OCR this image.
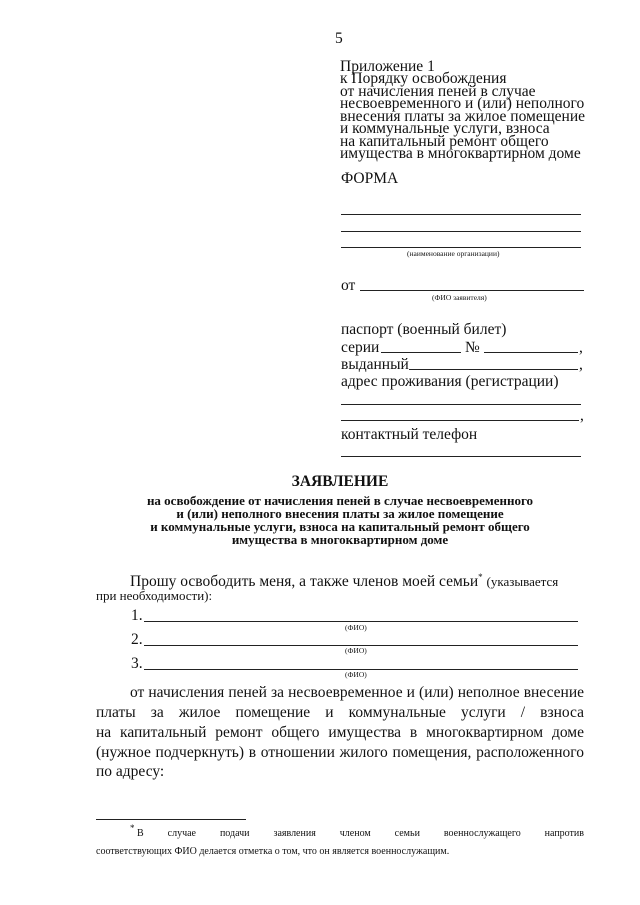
5
Приложение 1
к Порядку освобождения
от начисления пеней в случае
несвоевременного и (или) неполного
внесения платы за жилое помещение
и коммунальные услуги, взноса
на капитальный ремонт общего
имущества в многоквартирном доме
ФОРМА
(наименование организации)
от
(ФИО заявителя)
паспорт (военный билет)
серии	№	,
выданный	,
адрес проживания (регистрации)
,
контактный телефон
ЗАЯВЛЕНИЕ
на освобождение от начисления пеней в случае несвоевременного
и (или) неполного внесения платы за жилое помещение
и коммунальные услуги, взноса на капитальный ремонт общего
имущества в многоквартирном доме
Прошу освободить меня, а также членов моей семьи* (указывается
при необходимости):
1.
(ФИО)
2.
(ФИО)
3.
(ФИО)
от начисления пеней за несвоевременное и (или) неполное внесение
платы за жилое помещение и коммунальные услуги / взноса
на капитальный ремонт общего имущества в многоквартирном доме
(нужное подчеркнуть) в отношении жилого помещения, расположенного
по адресу:
* В случае подачи заявления членом семьи военнослужащего напротив
соответствующих ФИО делается отметка о том, что он является военнослужащим.
